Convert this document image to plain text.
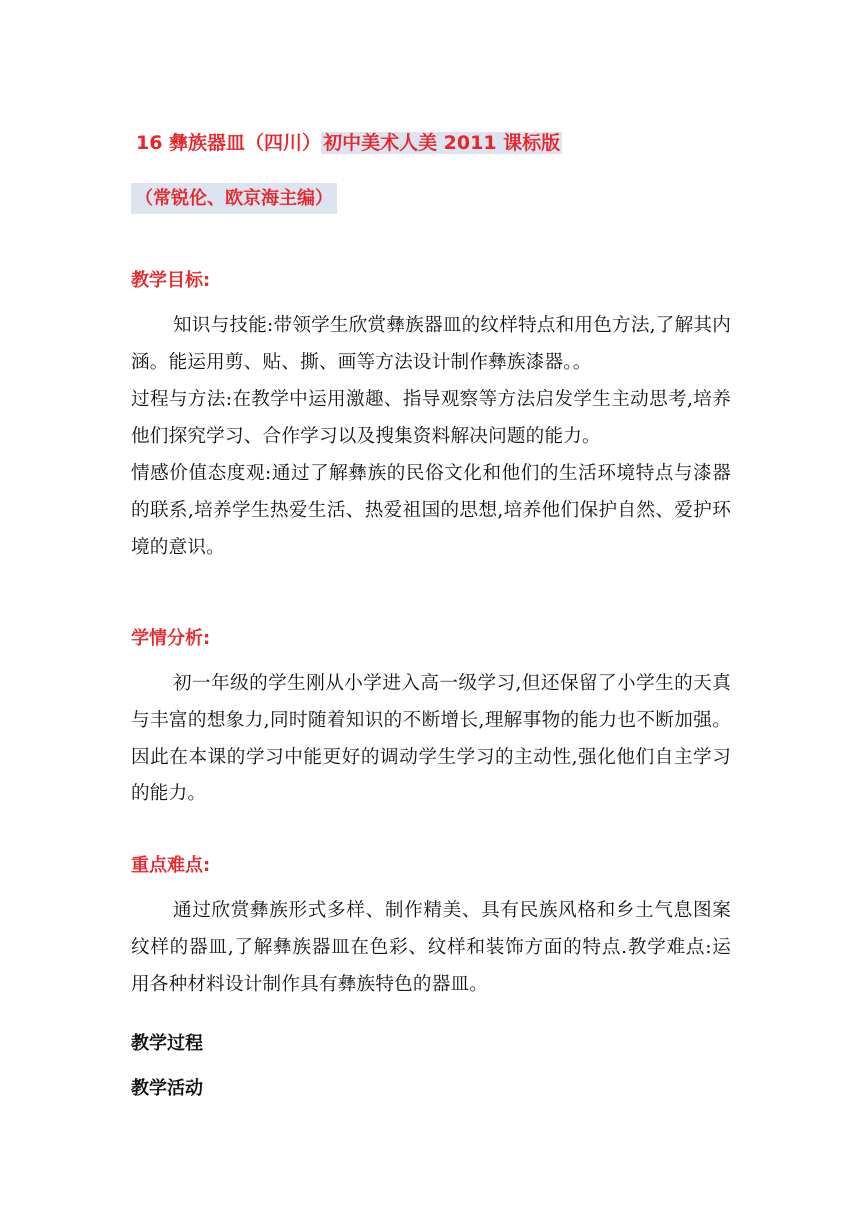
16 彝族器皿（四川） 初中美术人美 2011 课标版
（常锐伦、欧京海主编）
教学目标:

知识与技能:带领学生欣赏彝族器皿的纹样特点和用色方法,了解其内涵。能运用剪、贴、撕、画等方法设计制作彝族漆器。。

过程与方法:在教学中运用激趣、指导观察等方法启发学生主动思考,培养他们探究学习、合作学习以及搜集资料解决问题的能力。

情感价值态度观:通过了解彝族的民俗文化和他们的生活环境特点与漆器的联系,培养学生热爱生活、热爱祖国的思想,培养他们保护自然、爱护环境的意识。

学情分析:

初一年级的学生刚从小学进入高一级学习,但还保留了小学生的天真与丰富的想象力,同时随着知识的不断增长,理解事物的能力也不断加强。因此在本课的学习中能更好的调动学生学习的主动性,强化他们自主学习的能力。

重点难点:

通过欣赏彝族形式多样、制作精美、具有民族风格和乡土气息图案纹样的器皿,了解彝族器皿在色彩、纹样和装饰方面的特点.教学难点:运用各种材料设计制作具有彝族特色的器皿。

教学过程
教学活动
